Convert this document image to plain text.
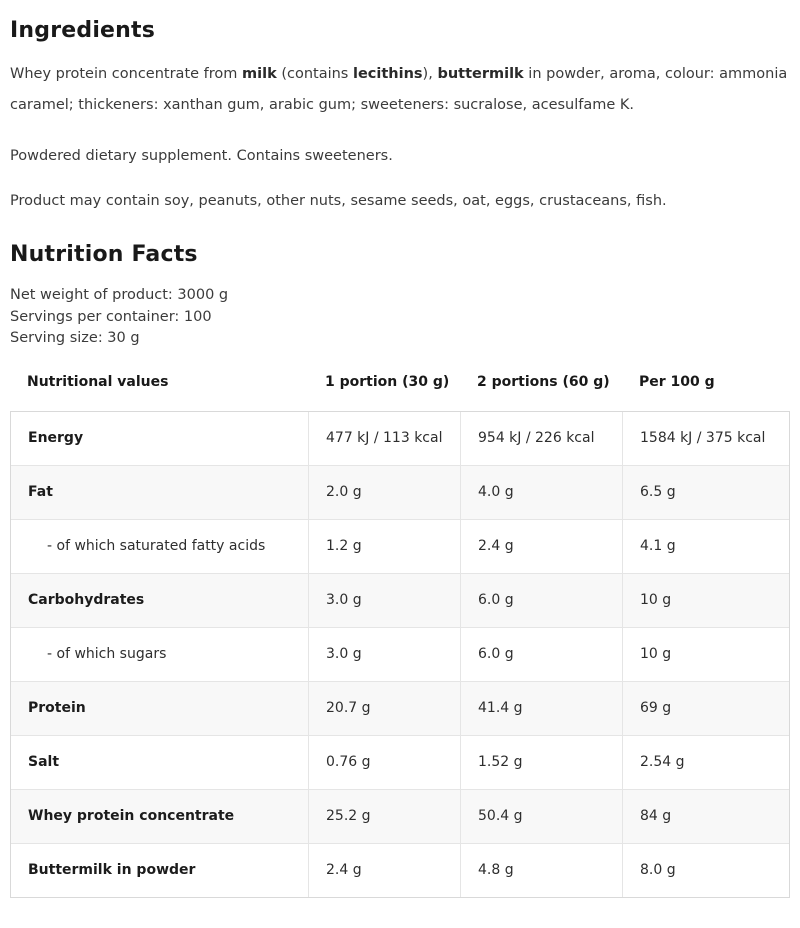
Ingredients

Whey protein concentrate from milk (contains lecithins), buttermilk in powder, aroma, colour: ammonia caramel; thickeners: xanthan gum, arabic gum; sweeteners: sucralose, acesulfame K.

Powdered dietary supplement. Contains sweeteners.

Product may contain soy, peanuts, other nuts, sesame seeds, oat, eggs, crustaceans, fish.

Nutrition Facts

Net weight of product: 3000 g

Servings per container: 100

Serving size: 30 g

Nutritional values	1 portion (30 g)	2 portions (60 g)	Per 100 g
Energy	477 kJ / 113 kcal	954 kJ / 226 kcal	1584 kJ / 375 kcal
Fat	2.0 g	4.0 g	6.5 g
- of which saturated fatty acids	1.2 g	2.4 g	4.1 g
Carbohydrates	3.0 g	6.0 g	10 g
- of which sugars	3.0 g	6.0 g	10 g
Protein	20.7 g	41.4 g	69 g
Salt	0.76 g	1.52 g	2.54 g
Whey protein concentrate	25.2 g	50.4 g	84 g
Buttermilk in powder	2.4 g	4.8 g	8.0 g
